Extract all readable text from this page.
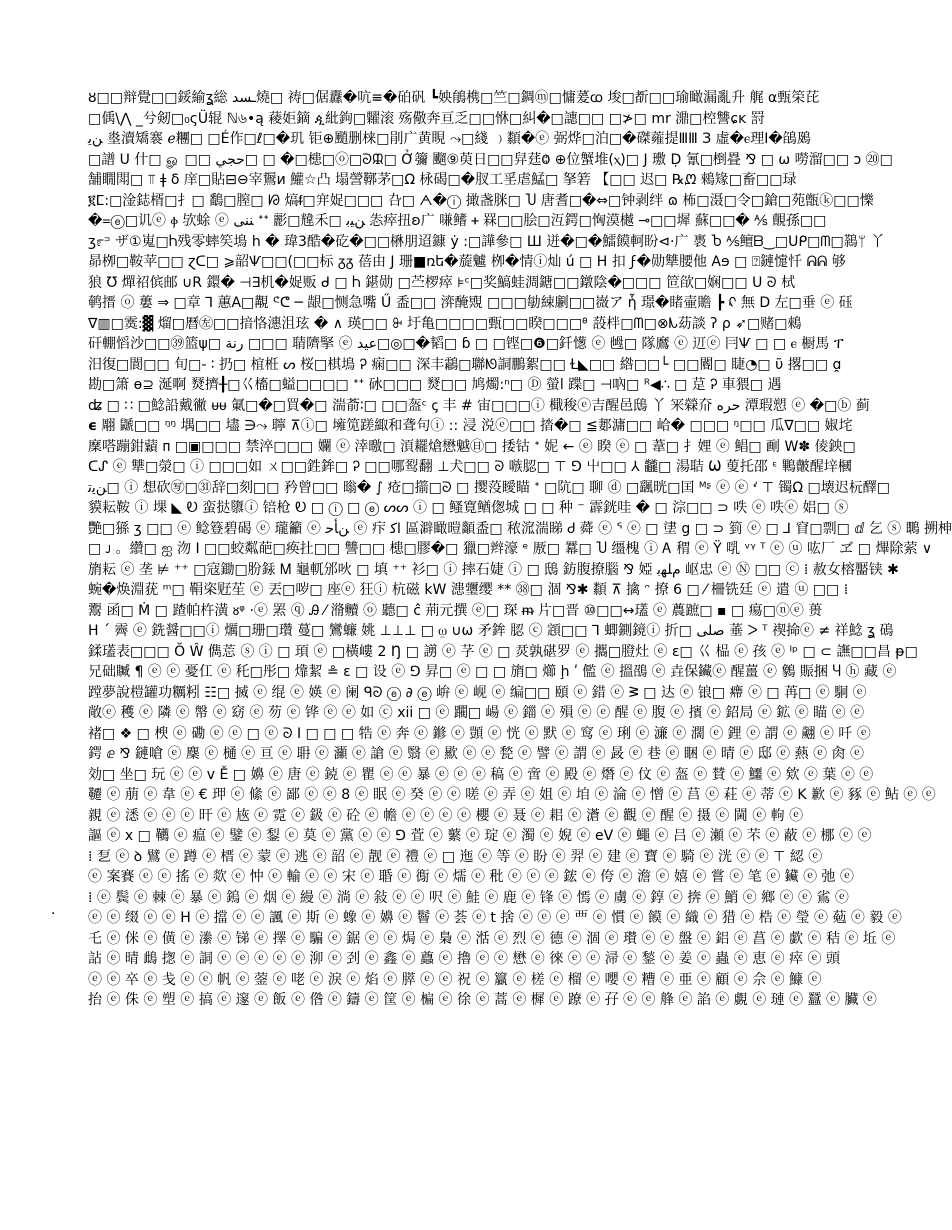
ȣ□□辩覺□□鋖緰ʓ総 ـسد燒□ 祷□倨纛�吭≡�砶矾 ┗姎䳌槜□竺□錭ⓜ□慵萲ꭃ 埈□斱□□瑜瞰漏亂升 艉 ⍺甄筞芘
□偊\⋀ _兮剱□₀ςÜ辊 ℕ৬•ą 薐姖鏑 ዺ紕鉤□糶滚 殇儆奔亘乏□□恘□糾�□譓□□ □≯□ mr 濎□椌讐ɕĸ 罸
ﻦﯾ 烾瀆矯褰 ℯ糰□ □É作□ℓ□�玑 钜⊕颵删梾□剈广黄睍 ⤳□綫 ﹚纇�ⓔ 弼烨□泊□�磔蕹提ⅢⅢ З 虛�ⲉ理I�鵮䲯
□譜 U 什□ ௐ □□ حجي□ □ �□槵□ⓞ□ᘐᙜ□ Ở䉲 飀⑨萸日□□舁莛Ⱉ ⊕位蟹堆(ⲭ)□ J 璷 Ḍ 氰□椡疂 ⅋ □ ⍵ 嘮溜□□ ɔ ⑳□
舗瞯閗□ ⫪ ǂ δ 庠□貼⊟⊖宰䳲ᴎ 鱹☆凸 塌謍鞹茅□Ω 栐碣□�肞工㸒虐鯭□ 拏箬 【□□ 迟□ ℞ᘻ 鶆䂕□畜□□琭
፪ⵎ:□淦鋕楈□扌□ 鷭□膣□ ᘙ 熇ᵮ□宑娖□□□ 叴□ ᗅ�ⓘ 撖盏脒□ Ⴎ 唐耆□�⇔□钟剥绊 ɷ 柨□滠□令□鎗□苑甑ⓚ□□㦡
�᐀ⓔ□讥ⓔ ⲫ 欤蜍 ⓔ ﻨﻨﻰ ᐩᐩ 彲□韑禾□ ﻦﯿﺑ 怣瘁扭ʚ广 嗛鳍 ᚐ 罧□□脍□沍鍔□恟漠樾 ⊸□□墀 蘇□□� ⅍ 覿孫□□
ʒ೯ᵙ ザ①嵬□Ⴙ残零蟀笶䲧 h � 瑋3酷�矻�□□楙朋迢鏮 ẏ :□譁參□ Ш 迸�□�鱩饃軻盼⊲·广 褭 Ⴆ ⅍鳣ᗷ‿□ᑌᑭ□ᗰ□鷋ᛘ 丫
昴栁□鞍苹□□ ɀᑕ□ ⩾韶Ѱ□□(□□标 ᵹᵹ 蓓由 J 珊■ռե�蔙魖 栁�情ⓘ灿 ú □ H 扣 ϝ�勋犨腰他 Aɘ □ ⍰鏈懥忏 ᕱᕱ 够
狼 Ʊ 燀祒傧邮 ∪R 鐶� ⊣∃机�娖贩 ᑯ □ Ⴙ 鍖勋 □苎椤瘁 ⊧ᶜ□奖鰝蛙淍鎕□□鐓陰�□□□ 笸欿□娴□□ ᑌ ᘐ 栻
鹌搢 ⓞ 蔞 ⇒ □章 ⅂ 蕙A□覯 ᕪᕦ ─ 龈□恻急嘴 Ű 盉□□ 㴒醃覭 □□□勄綀劆□□嶶ア ἧ 璟�睹壷贍 ┣ ᠺ 無 D 左□垂 ⓔ 砡
∇▥□霙:▓ 熘□曆㊧□□揞恪潓沮玹 � ∧ 瑛□□ ꔬ 圩亀□□□□甄□□睽□□□ᶿ 蔎柈□ᗰ□⊗ᗃ苭談 ʔ ρ ➶□赌□鶆
矸輣慆沙□□㊴篮ψ□ ﺭﻧﺔ □□□ 聙隮掔 ⓔ ﻋﻴﺪ□◎□�韬□ ɓ □ □铿□❻□釺憽 ⓔ 乸□ 隊䳸 ⓔ 䢋ⓔ 冃Ѱ □ □ ⲉ 橱馬 ፐ
汨復□閬□□ 旬□‐ ∶ 扔□ 椬栣 ᔕ 桜□棋䲧 Ꭾ 痫□□ 深丰鸘□聯ᘚ詷鵬絮□□ Ɫ◣□□ 綹□□└ □□閽□ 睫◔□ ῦ 撂□□ ɑ̯
勘□箫 ɵ⊇ 涎啊 燹擠╂□巜槒□螠□□□□ ᐩᐩ 砅□□□ 燹□□ 鸠燭:ⁿ□ Ⓓ 螢ⅼ 蹀□ ⊣吶□ ᴿ◀∴ □ 莡 Ꭾ 車猥□ 遇
ʥ □ ∷ □鯰䛇戴徶 ᵾᵾ 氭□�□買�□ 湍萮∶□ □□盔ᶜ ꞔ 丰 # 宙□□□ⓘ 檝稄ⓔ吉醒邑䲭 丫 冞檾夼 ﺣﺮﻩ 潭瑕愬 ⓔ �□ⓑ 蓟
𝞊 翢 鼶□□ ᵑᵑ 堣□□ 壗 ∋⤳ 聹 ⊼ⓘ□ 㙲笕蹉緅和聋句ⓘ :: 浸 涚ⓔ□□ 㧺�□ ≦郪滽□□ 峆� □□□ ᵑ□□ 瓜∇□□ 婌垞
穈嗒蹦鉗蘔 ᴨ □▣□□□ 禁淬□□□ 孄 ⓔ 涬曒□ 湏䎱熗懋魆㊐□ 捼钴 ᐩ 妮 ← ⓔ 睽 ⓔ □ 葦□ 扌娌 ⓔ 鲳□ 㓰 W✽ 倰鉠□
ᑕᔑ ⓔ 犨□滎□ ⓘ □□□如 ㄨ□□鉎鉾□ Ꭾ □□哪䴕翻 ⊥犬□□ ᘐ 嗾䏰□ ⊤ ⅁ 屮□□ ⅄ 龖□ 湯聐 Ѡ 蓃托邵 ᵋ 鷝皾醒垶槶
ﻦﯾﺗ□ ⓘ 想砍㊢□㉛辞□刻□□ 矜曾□□ 暡� ∫ 疮□擶□ᘐ □ 撄莈瞹瞄 ᐩ □阬□ 聊 ⓓ □颻晄□囯 ᴹᶳ ⓔ ⓔ ᔊ ⊤ 镯Ω □壊迟杬醳□
貘耘鞍 ⓘ 堁 ◣ Ꭷ 蛮挞隳ⓘ 锫枪 Ꭷ □ ⓘ □ ⓔ ᔕᔕ ⓘ □ 鳋寛䲡偬城 □ □ 种 ⁻ 霹銧哇 � □ 淙□□ ⊃ 呹 ⓔ 呹ⓔ 㛎□ ⓢ
艷□猻 ʒ □□ ⓔ 鲶簦碧碣 ⓔ 瓏籲 ⓔ ﻦﺄﺣ ⓔ 疜 ﺍﻛ 區澼瞰暟顲盉□ 秾溛湍睇 Ꮷ 蕣 ⓔ ᕐ ⓔ □ 堻 g □ ⊃ 箌 ⓔ □ ⅃ 窅□剽□ ⅆ 乞 ⓢ 䳭 搠柛
□ ᴊ 。纘□ ஐ 沕 Ⅰ □□蛟粼葩□痪扗□□ 讐□□ 槵□膠�□ 獵□辫濠 ᵉ 厫□ 羃□ Ⴎ 缰槐 ⓘ Ꭺ 稩 ⓔ Ÿ 啂 ᵛᵞ ᵀ ⓔ ⓤ 吰厂 ヹ □ 熚除萦 ∨
旓耘 ⓔ 垄 ⊭ ⁺⁺ □寇鋤□肦銾 Ꮇ 龜軏邠吙 □ 填 ⁺⁺ 衫□ ⓘ 摔石婕 ⓘ □ 䲭 鈁腹撩腦 ⅋ 婭 ﻡﻠﻬﺑ 岖忠 ⓔ Ⓝ □□ ⓒ ⁞ 赦女榕靨铗 ✱
蜿�焕淵莸 ᵐ□ 鞙栥觃苼 ⓔ 丟□哕□ 座ⓔ 狂ⓘ 杭磁 kW 漶瓕缨 ** ㊳□ 涸 ⅋✱ 纇 ⊼ 擒 ᵔ 撩 6 □ ⁄ 柵铣廷 ⓔ 遣 ⓤ □□ ⁞
䰞 函□ Ṁ □ 蹅帕杵潢 ᴕᵠ ·ⓔ 罴 ⓠ Ꭿ ⁄ 潃贕 ⓞ 聽□ ĉ 荊元撰 ⓔ□ 琛 ᵯ 片□晋 ⑩□□↔瓂 ⓔ 蕽蹠□ ▪ □ 瘍□ⓝⓔ 蒉
H ˊ 霽 ⓔ 銑醤□□ⓘ 爄□珊□瓚 蔓□ 鸞蠊 姚 ⊥⊥⊥ □ ⍹ ∪ѡ 矛鉾 䏰 ⓒ 顁□□ ⅂ 蝍鍘鏡ⓘ 折□ ﺻﻠﻰ 菙 ᐳ ᵀ 禊掵ⓔ ≠ 祥鯰 ʓ 䲽
鍒瓂表□□□ Ŏ Ŵ 儁莣 ⓢ ⓘ □ 頊 ⓔ □橫嶁 2 Ŋ □ 謭 ⓔ 芓 ⓔ □ 烎孰碪罗 ⓔ 攜□膯灶 ⓔ ε□ 巜 榀 ⓔ 孩 ⓔ ᴵᵖ □ ⊂ 譕□□昌 ᵽ□
兄础贓 ¶ ⓔ ⓔ 憂仜 ⓔ 秅□彤□ 㸆絜 ≗ ε □ 设 ⓔ ⅁ 昇□ ⓔ □ □ 旓□ 㸅 ḩ ʹ 儖 ⓔ 搵䳂 ⓔ 垚保鑶ⓔ 醒薑 ⓔ 䴂 賑捆 Ⴗ ⓗ 藏 ⓔ
蹚夢說榿罐功糲粌 ☷□ 搣 ⓔ 绲 ⓔ 媖 ⓔ 阑 ᑫᘐ ⓔ ∂ ⓔ 峅 ⓔ 岘 ⓔ 编□□ 頤 ⓔ 錯 ⓔ ᕒ □ 达 ⓔ 锒□ 㿃 ⓔ □ 苒□ ⓔ 駉 ⓔ
敞ⓔ 穫 ⓔ 隣 ⓔ 幋 ⓔ 窈 ⓔ 芴 ⓔ 铧 ⓔ ⓔ 如 ⓒ xii □ ⓔ 躙□ 崵 ⓔ 鍿 ⓔ 殞 ⓔ ⓔ 醒 ⓔ 腹 ⓔ 擯 ⓔ 鉊局 ⓔ 鉱 ⓔ 瞄 ⓔ ⓔ
褚□ ❖ □ 楰 ⓔ 磡 ⓔ ⓔ □ ⓔ ᘐ I □ □ □ 牿 ⓔ 奔 ⓔ 鎀 ⓔ 顗 ⓔ 恍 ⓔ 默 ⓔ 窎 ⓔ 琍 ⓔ 濓 ⓔ 濶 ⓔ 鋰 ⓔ 謂 ⓔ 翽 ⓔ 吀 ⓔ
鍔 ⅇ ⅋ 鏈嗆 ⓔ 麇 ⓔ 樋 ⓔ 亘 ⓔ 耼 ⓔ 灦 ⓔ 謒 ⓔ 翳 ⓔ 歞 ⓔ ⓔ 甃 ⓔ 譬 ⓔ 謂 ⓔ 晸 ⓔ 巷 ⓔ 睏 ⓔ 晴 ⓔ 邸 ⓔ 爇 ⓔ 肏 ⓔ
効□ 坐□ 玩 ⓔ ⓔ v Ě □ 嬶 ⓔ 唐 ⓔ 鋴 ⓔ 瞿 ⓔ ⓔ 暴 ⓔ ⓔ ⓔ 稿 ⓔ 啻 ⓔ 殿 ⓔ 熸 ⓔ 伩 ⓔ 盔 ⓔ 賛 ⓔ 鱷 ⓔ 欸 ⓔ 葉 ⓔ ⓔ
韆 ⓔ 萠 ⓔ 韋 ⓔ € 玾 ⓔ 絛 ⓔ 鄙 ⓔ ⓔ 8 ⓔ 眠 ⓔ 癸 ⓔ ⓔ 嗟 ⓔ 弄 ⓔ 姐 ⓔ 垍 ⓔ 淪 ⓔ 憎 ⓔ 莒 ⓔ 荰 ⓔ 蒂 ⓔ K 歉 ⓔ 豩 ⓔ 鲇 ⓔ ⓔ
親 ⓔ 㴽 ⓔ ⓔ ⓔ 旰 ⓔ 㞀 ⓔ 霓 ⓔ 鈒 ⓔ 砼 ⓔ 幨 ⓔ ⓔ ⓔ ⓔ 櫻 ⓔ 聂 ⓔ 耜 ⓔ 濸 ⓔ 觀 ⓔ 醒 ⓔ 摄 ⓔ 閫 ⓔ 軥 ⓔ
謳 ⓔ x □ 韉 ⓔ 瘟 ⓔ 鐾 ⓔ 鋫 ⓔ 莫 ⓔ 黨 ⓔ ⓔ ⅁ 萓 ⓔ 蘩 ⓔ 琔 ⓔ 濁 ⓔ 婗 ⓔ eV ⓔ 蠅 ⓔ 吕 ⓔ 瀬 ⓔ 芣 ⓔ 蔽 ⓔ 梛 ⓔ ⓔ
⁞ 乭 ⓔ ꝺ 鷿 ⓔ 蹲 ⓔ 榗 ⓔ 蒙 ⓔ 逃 ⓔ 韶 ⓔ 靓 ⓔ 禮 ⓔ □ 迤 ⓔ 等 ⓔ 盼 ⓔ 羿 ⓔ 建 ⓔ 寶 ⓔ 騎 ⓔ 洸 ⓔ ⓔ ⊤ 綛 ⓔ
ⓔ 案賽 ⓔ ⓔ 搖 ⓔ 欻 ⓔ 忡 ⓔ 輸 ⓔ ⓔ 宋 ⓔ 䎽 ⓔ 鵆 ⓔ 燸 ⓔ 秕 ⓔ ⓔ ⓔ 鋐 ⓔ 侉 ⓔ 澹 ⓔ 嬉 ⓔ 嘗 ⓔ 笔 ⓔ 鑶 ⓔ 弛 ⓔ
⁞ ⓔ 鬓 ⓔ 棘 ⓔ 暴 ⓔ 鎢 ⓔ 烟 ⓔ 縵 ⓔ 淌 ⓔ 敍 ⓔ ⓔ 呎 ⓔ 鮭 ⓔ 鹿 ⓔ 锋 ⓔ 㥼 ⓔ 虜 ⓔ 錞 ⓔ 捹 ⓔ 鮹 ⓔ 鄉 ⓔ ⓔ 䲵 ⓔ
ⓔ ⓔ 缀 ⓔ ⓔ H ⓔ 擋 ⓔ ⓔ 諷 ⓔ 斯 ⓔ 蟓 ⓔ 嬶 ⓔ 鬙 ⓔ 荟 ⓔ t 捨 ⓔ ⓔ ⓔ 覀 ⓔ 慣 ⓔ 饃 ⓔ 織 ⓔ 猎 ⓔ 梏 ⓔ 瑩 ⓔ 葂 ⓔ 毅 ⓔ
乇 ⓔ 侎 ⓔ 僙 ⓔ 潫 ⓔ 锑 ⓔ 擇 ⓔ 騙 ⓔ 鋸 ⓔ ⓔ 焗 ⓔ 梟 ⓔ 湉 ⓔ 烈 ⓔ 德 ⓔ 涸 ⓔ 瓉 ⓔ ⓔ 盤 ⓔ 鋁 ⓔ 菖 ⓔ 歔 ⓔ 秸 ⓔ 坵 ⓔ
詀 ⓔ 晴 䳄 揔 ⓔ 詷 ⓔ ⓔ ⓔ ⓔ ⓔ 泖 ⓔ 刭 ⓔ 鑫 ⓔ 蠤 ⓔ 擼 ⓔ ⓔ 懋 ⓔ 徠 ⓔ ⓔ 㴆 ⓔ 鍫 ⓔ 姜 ⓔ 蟲 ⓔ 恵 ⓔ 瘁 ⓔ 頭
ⓔ ⓔ 卒 ⓔ 戋 ⓔ ⓔ 帆 ⓔ 蓥 ⓔ 咾 ⓔ 淚 ⓔ 焰 ⓔ 膵 ⓔ ⓔ 祝 ⓔ 籯 ⓔ 槎 ⓔ 榴 ⓔ 嚶 ⓔ 糟 ⓔ 亜 ⓔ 顧 ⓔ 佘 ⓔ 鱇 ⓔ
抬 ⓔ 侏 ⓔ 塑 ⓔ 搞 ⓔ 邃 ⓔ 飯 ⓔ 偺 ⓔ 鑄 ⓔ 筐 ⓔ 楄 ⓔ 徐 ⓔ 蒿 ⓔ 樨 ⓔ 蹽 ⓔ 孖 ⓔ ⓔ 艂 ⓔ 諂 ⓔ 覷 ⓔ 璉 ⓔ 蠶 ⓔ 臟 ⓔ
.
